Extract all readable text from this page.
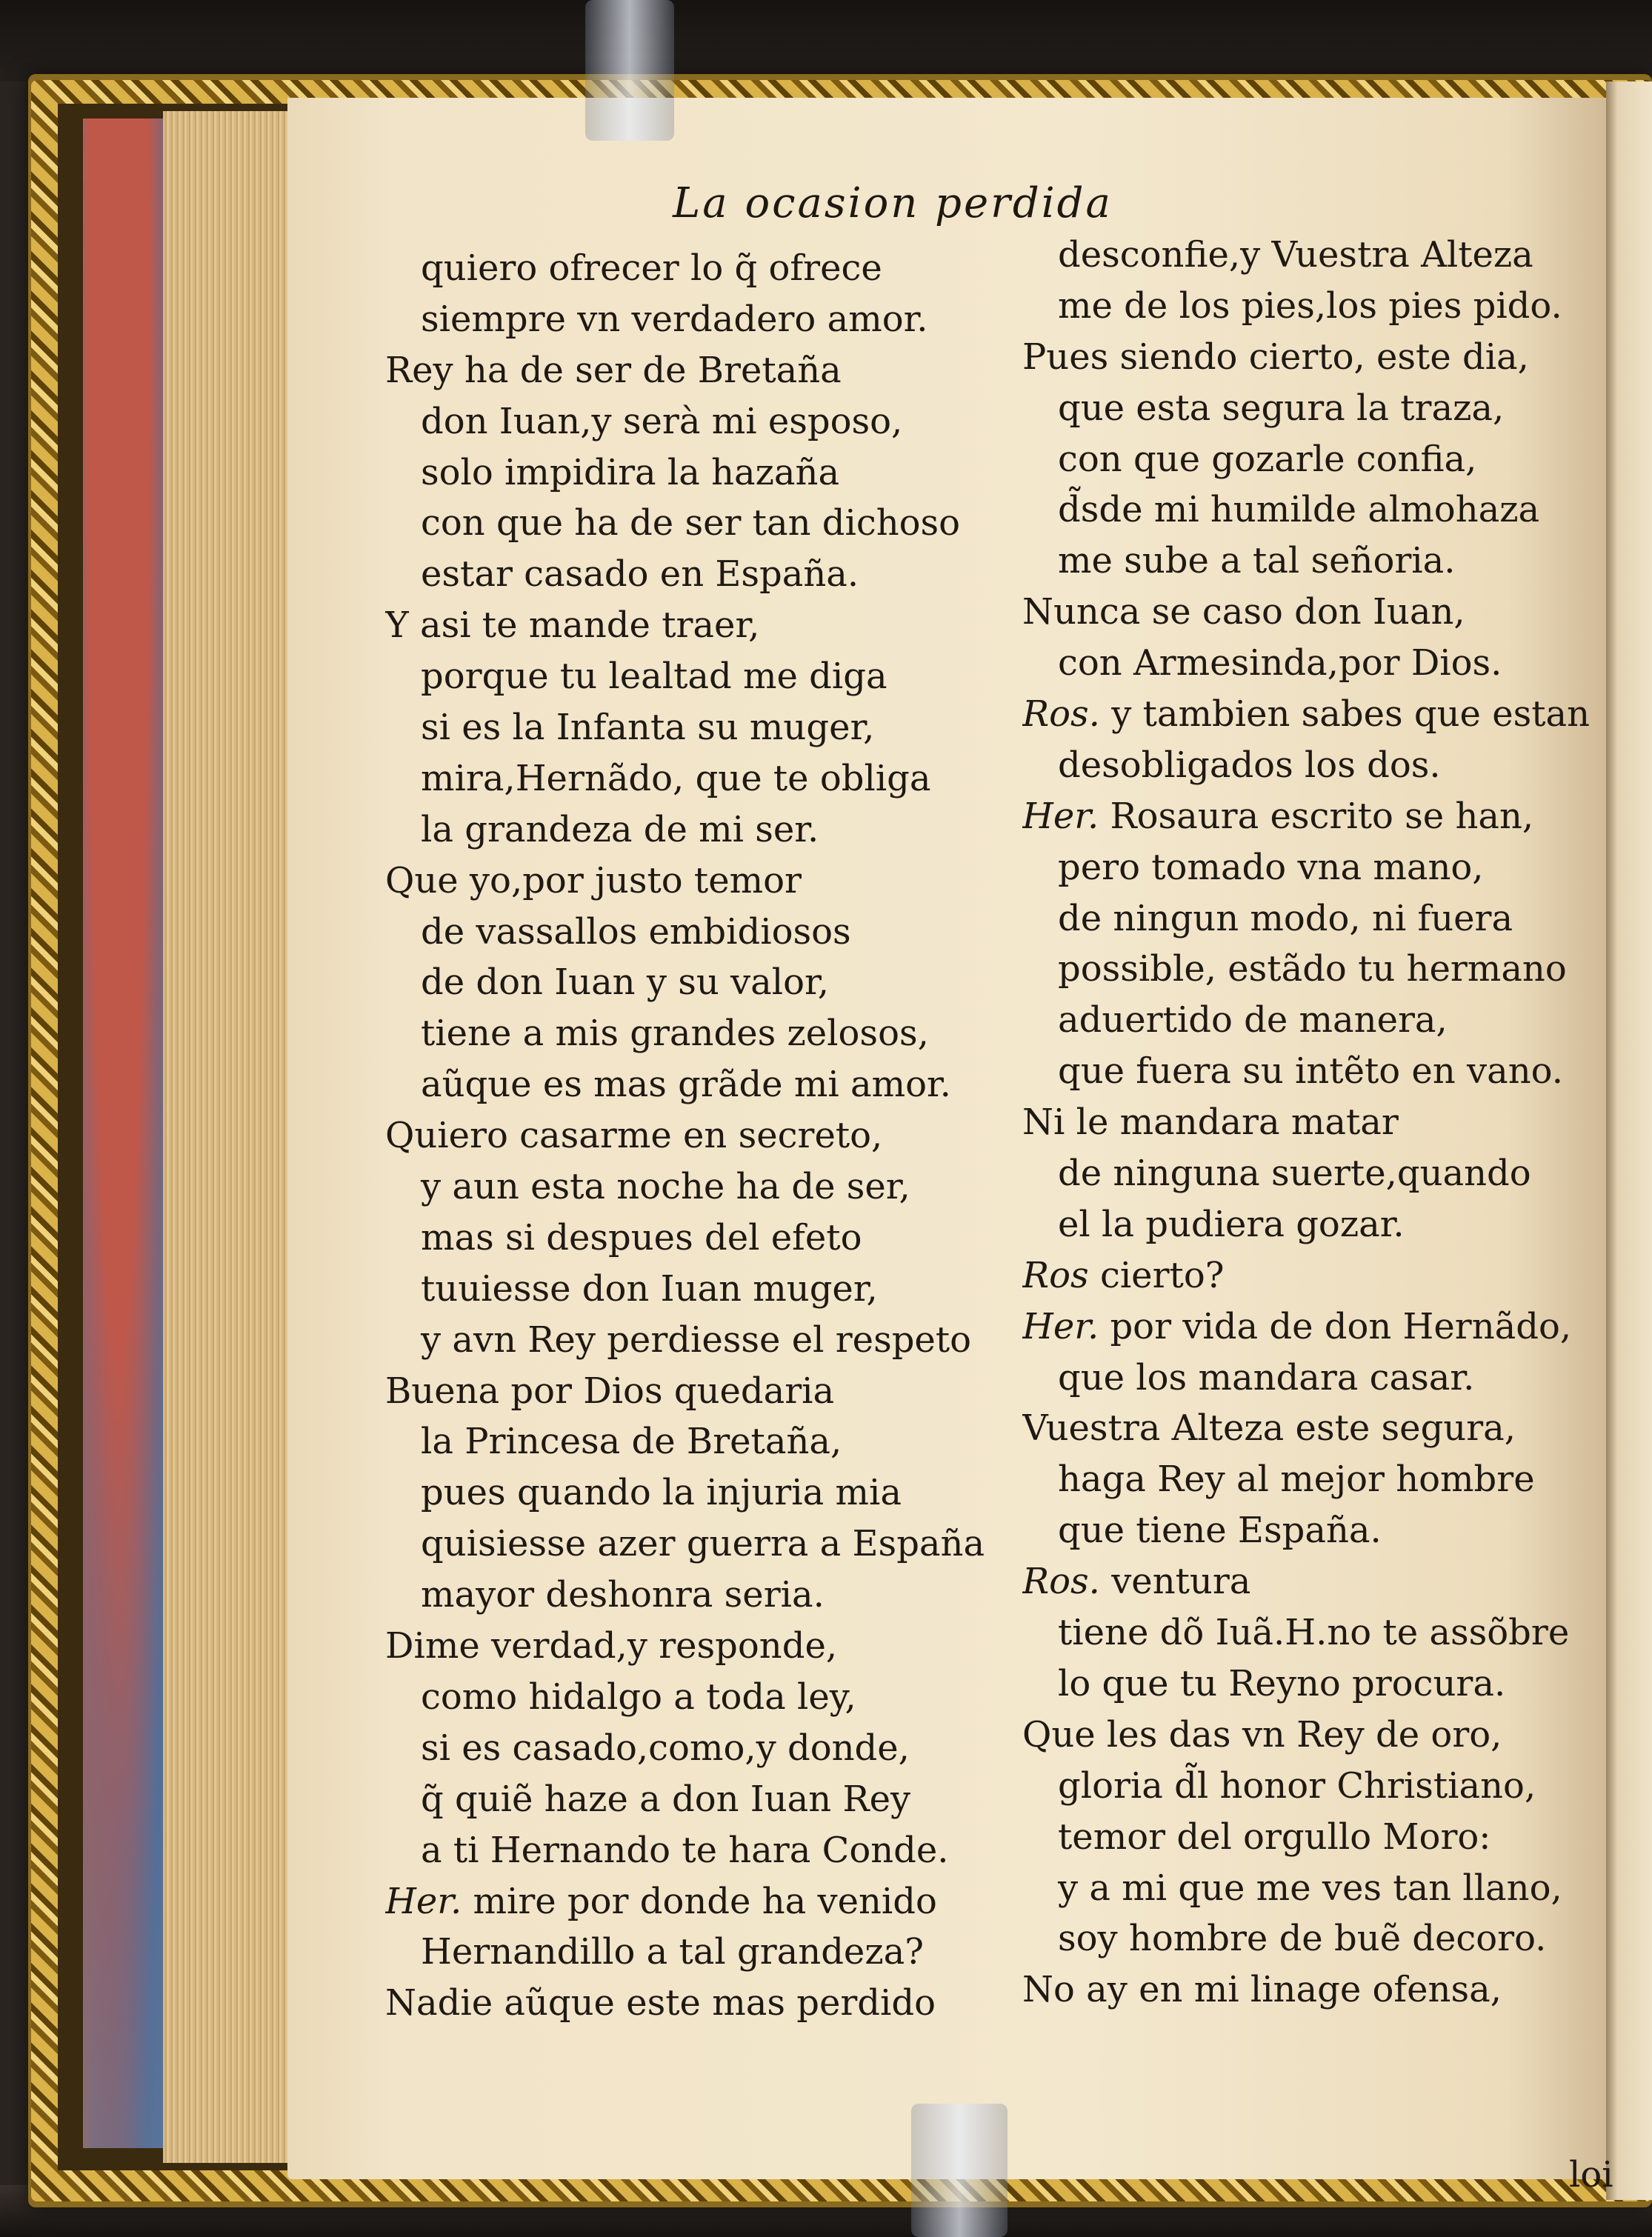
La ocasion perdida
quiero ofrecer lo q̃ ofrece
siempre vn verdadero amor.
Rey ha de ser de Bretaña
don Iuan,y serà mi esposo,
solo impidira la hazaña
con que ha de ser tan dichoso
estar casado en España.
Y asi te mande traer,
porque tu lealtad me diga
si es la Infanta su muger,
mira,Hernãdo, que te obliga
la grandeza de mi ser.
Que yo,por justo temor
de vassallos embidiosos
de don Iuan y su valor,
tiene a mis grandes zelosos,
aũque es mas grãde mi amor.
Quiero casarme en secreto,
y aun esta noche ha de ser,
mas si despues del efeto
tuuiesse don Iuan muger,
y avn Rey perdiesse el respeto
Buena por Dios quedaria
la Princesa de Bretaña,
pues quando la injuria mia
quisiesse azer guerra a España
mayor deshonra seria.
Dime verdad,y responde,
como hidalgo a toda ley,
si es casado,como,y donde,
q̃ quiẽ haze a don Iuan Rey
a ti Hernando te hara Conde.
Her. mire por donde ha venido
Hernandillo a tal grandeza?
Nadie aũque este mas perdido
desconfie,y Vuestra Alteza
me de los pies,los pies pido.
Pues siendo cierto, este dia,
que esta segura la traza,
con que gozarle confia,
d̃sde mi humilde almohaza
me sube a tal señoria.
Nunca se caso don Iuan,
con Armesinda,por Dios.
Ros. y tambien sabes que estan
desobligados los dos.
Her. Rosaura escrito se han,
pero tomado vna mano,
de ningun modo, ni fuera
possible, estãdo tu hermano
aduertido de manera,
que fuera su intẽto en vano.
Ni le mandara matar
de ninguna suerte,quando
el la pudiera gozar.
Ros cierto?
Her. por vida de don Hernãdo,
que los mandara casar.
Vuestra Alteza este segura,
haga Rey al mejor hombre
que tiene España.
Ros. ventura
tiene dõ Iuã.H.no te assõbre
lo que tu Reyno procura.
Que les das vn Rey de oro,
gloria d̃l honor Christiano,
temor del orgullo Moro:
y a mi que me ves tan llano,
soy hombre de buẽ decoro.
No ay en mi linage ofensa,
loi
